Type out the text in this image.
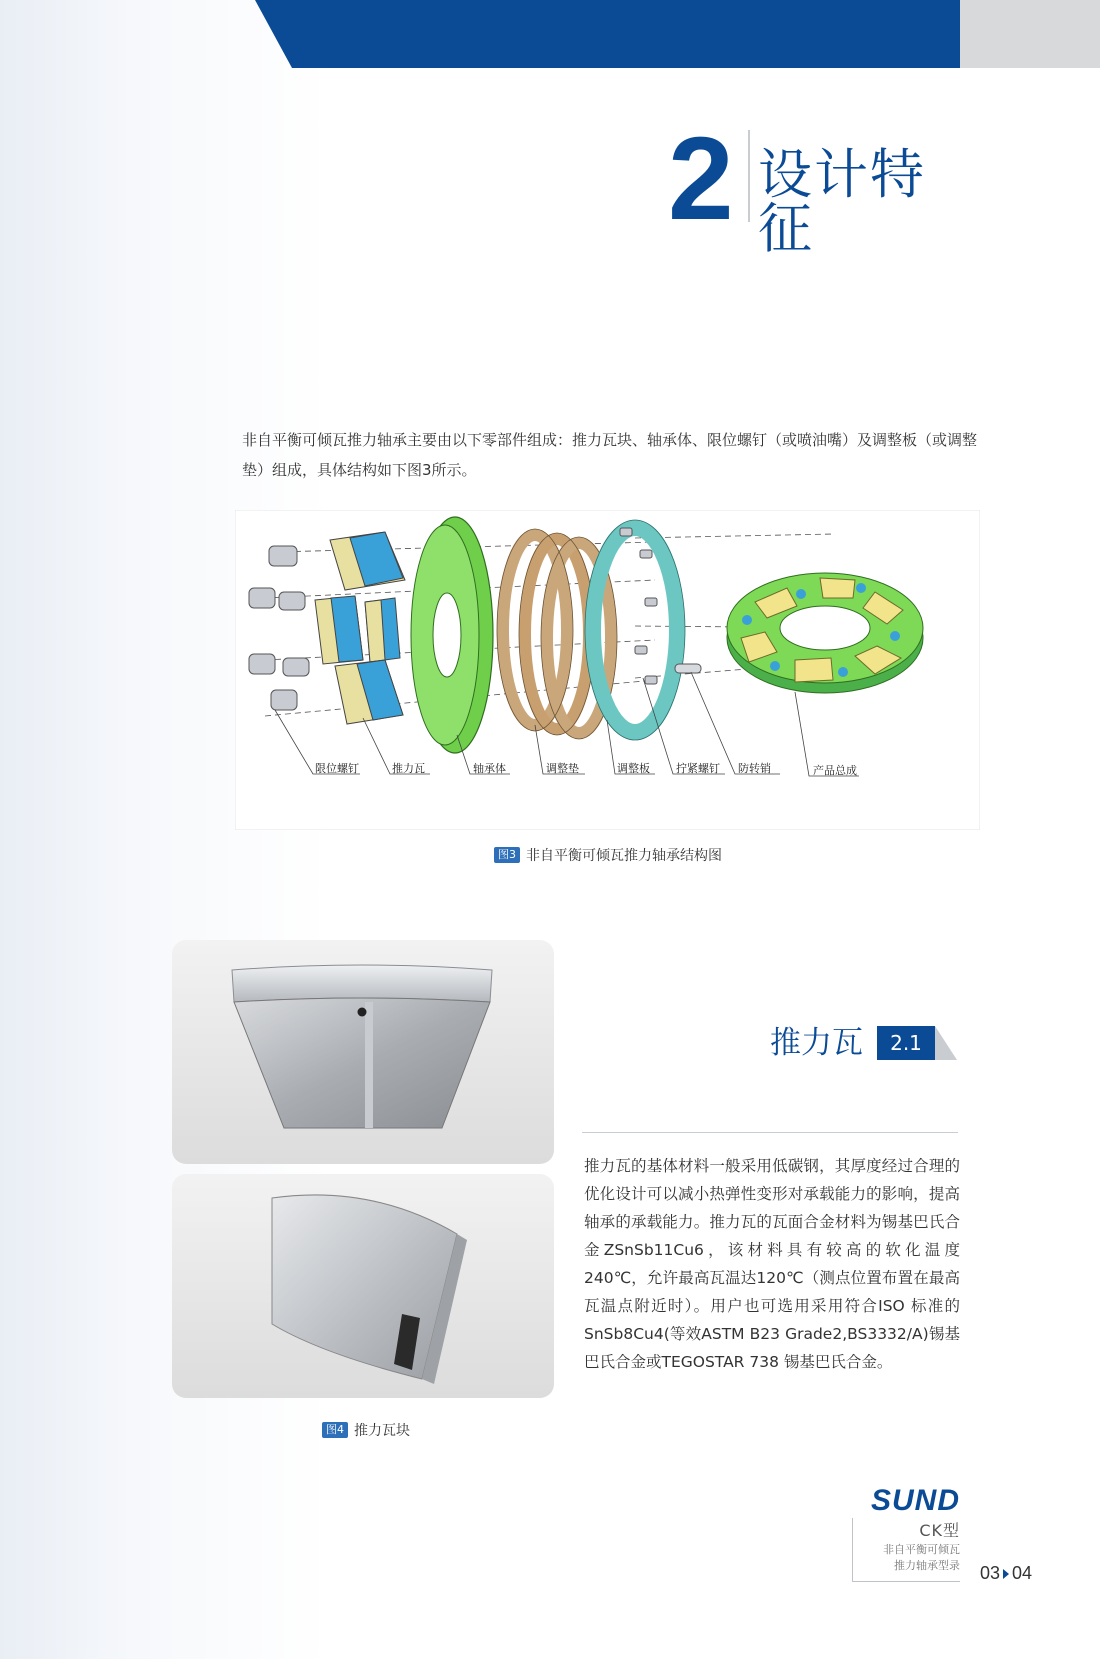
2 设计特征

非自平衡可倾瓦推力轴承主要由以下零部件组成：推力瓦块、轴承体、限位螺钉（或喷油嘴）及调整板（或调整垫）组成，具体结构如下图3所示。

限位螺钉	推力瓦	轴承体	调整垫	调整板 拧紧螺钉 防转销	产品总成
图3 非自平衡可倾瓦推力轴承结构图
图4 推力瓦块
推力瓦	2.1

推力瓦的基体材料一般采用低碳钢，其厚度经过合理的优化设计可以减小热弹性变形对承载能力的影响，提高轴承的承载能力。推力瓦的瓦面合金材料为锡基巴氏合金ZSnSb11Cu6，该材料具有较高的软化温度240℃，允许最高瓦温达120℃（测点位置布置在最高瓦温点附近时）。用户也可选用采用符合ISO 标准的SnSb8Cu4(等效ASTM B23 Grade2,BS3332/A)锡基巴氏合金或TEGOSTAR 738 锡基巴氏合金。

SUND
CK型
非自平衡可倾瓦
推力轴承型录 03 04
